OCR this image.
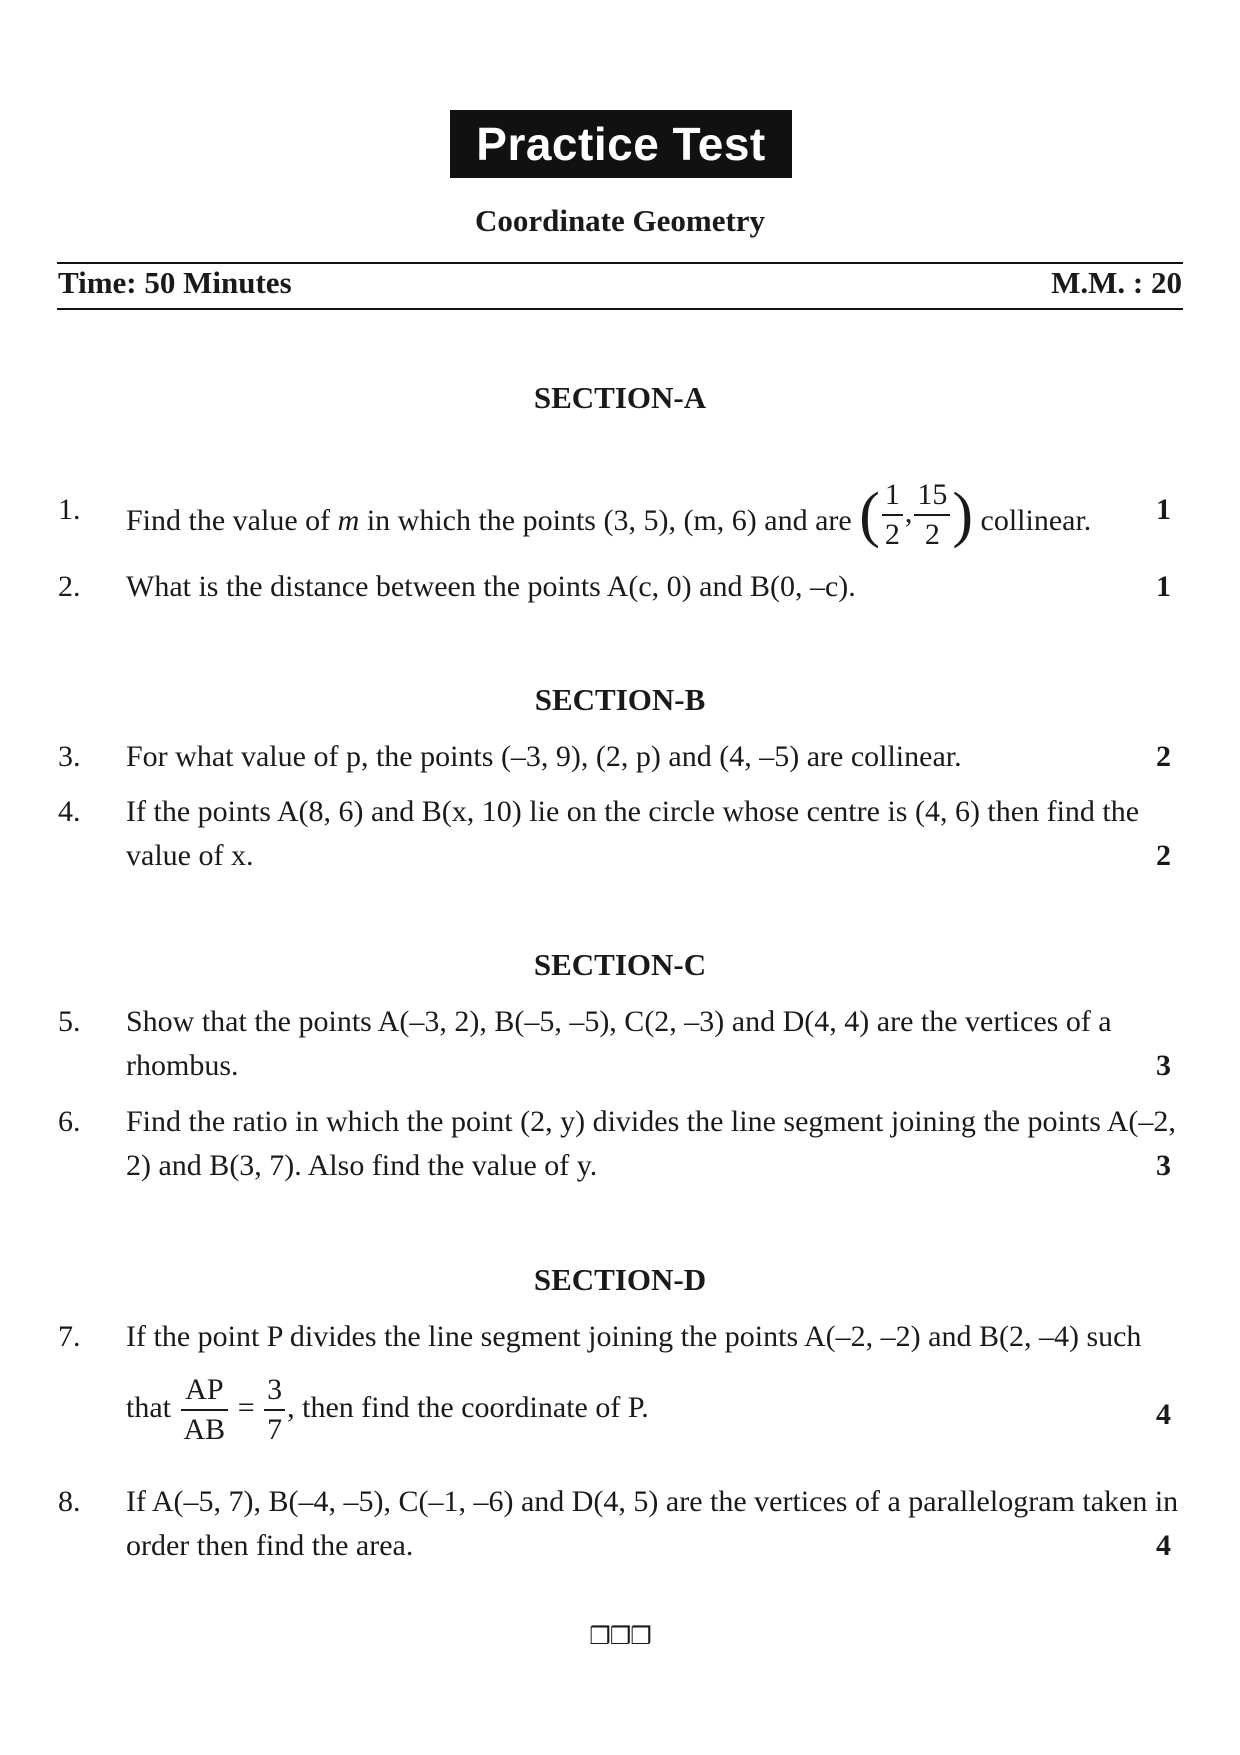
Practice Test
Coordinate Geometry
Time: 50 Minutes	M.M. : 20
SECTION-A
1. Find the value of m in which the points (3, 5), (m, 6) and are ( $\frac{1}{2}$ , $\frac{15}{2}$ ) collinear.	1
2. What is the distance between the points A(c, 0) and B(0, –c).	1
SECTION-B
3. For what value of p, the points (–3, 9), (2, p) and (4, –5) are collinear.	2
4. If the points A(8, 6) and B(x, 10) lie on the circle whose centre is (4, 6) then find the value of x.	2
SECTION-C
5. Show that the points A(–3, 2), B(–5, –5), C(2, –3) and D(4, 4) are the vertices of a rhombus.	3
6. Find the ratio in which the point (2, y) divides the line segment joining the points A(–2, 2) and B(3, 7). Also find the value of y.	3
SECTION-D
7. If the point P divides the line segment joining the points A(–2, –2) and B(2, –4) such
that $\frac{AP}{AB} = \frac{3}{7}$ , then find the coordinate of P.	4
8. If A(–5, 7), B(–4, –5), C(–1, –6) and D(4, 5) are the vertices of a parallelogram taken in order then find the area.	4
❒❒❒
